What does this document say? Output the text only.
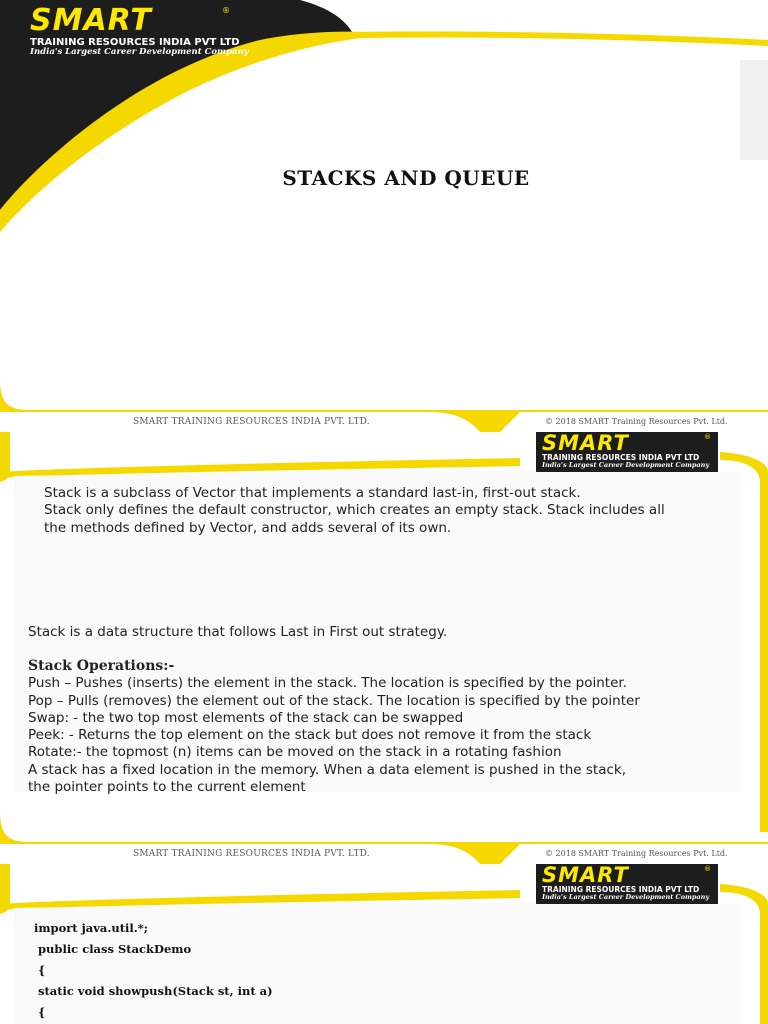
SMART	®
TRAINING RESOURCES INDIA PVT LTD
India's Largest Career Development Company
STACKS AND QUEUE
SMART TRAINING RESOURCES INDIA PVT. LTD.	© 2018 SMART Training Resources Pvt. Ltd.
SMART	®
TRAINING RESOURCES INDIA PVT LTD
India's Largest Career Development Company
Stack is a subclass of Vector that implements a standard last-in, first-out stack.
Stack only defines the default constructor, which creates an empty stack. Stack includes all
the methods defined by Vector, and adds several of its own.
Stack is a data structure that follows Last in First out strategy.
Stack Operations:-
Push – Pushes (inserts) the element in the stack. The location is specified by the pointer.
Pop – Pulls (removes) the element out of the stack. The location is specified by the pointer
Swap: - the two top most elements of the stack can be swapped
Peek: - Returns the top element on the stack but does not remove it from the stack
Rotate:- the topmost (n) items can be moved on the stack in a rotating fashion
A stack has a fixed location in the memory. When a data element is pushed in the stack,
the pointer points to the current element
SMART TRAINING RESOURCES INDIA PVT. LTD.	© 2018 SMART Training Resources Pvt. Ltd.
SMART	®
TRAINING RESOURCES INDIA PVT LTD
India's Largest Career Development Company
import java.util.*;
public class StackDemo
{
static void showpush(Stack st, int a)
{
